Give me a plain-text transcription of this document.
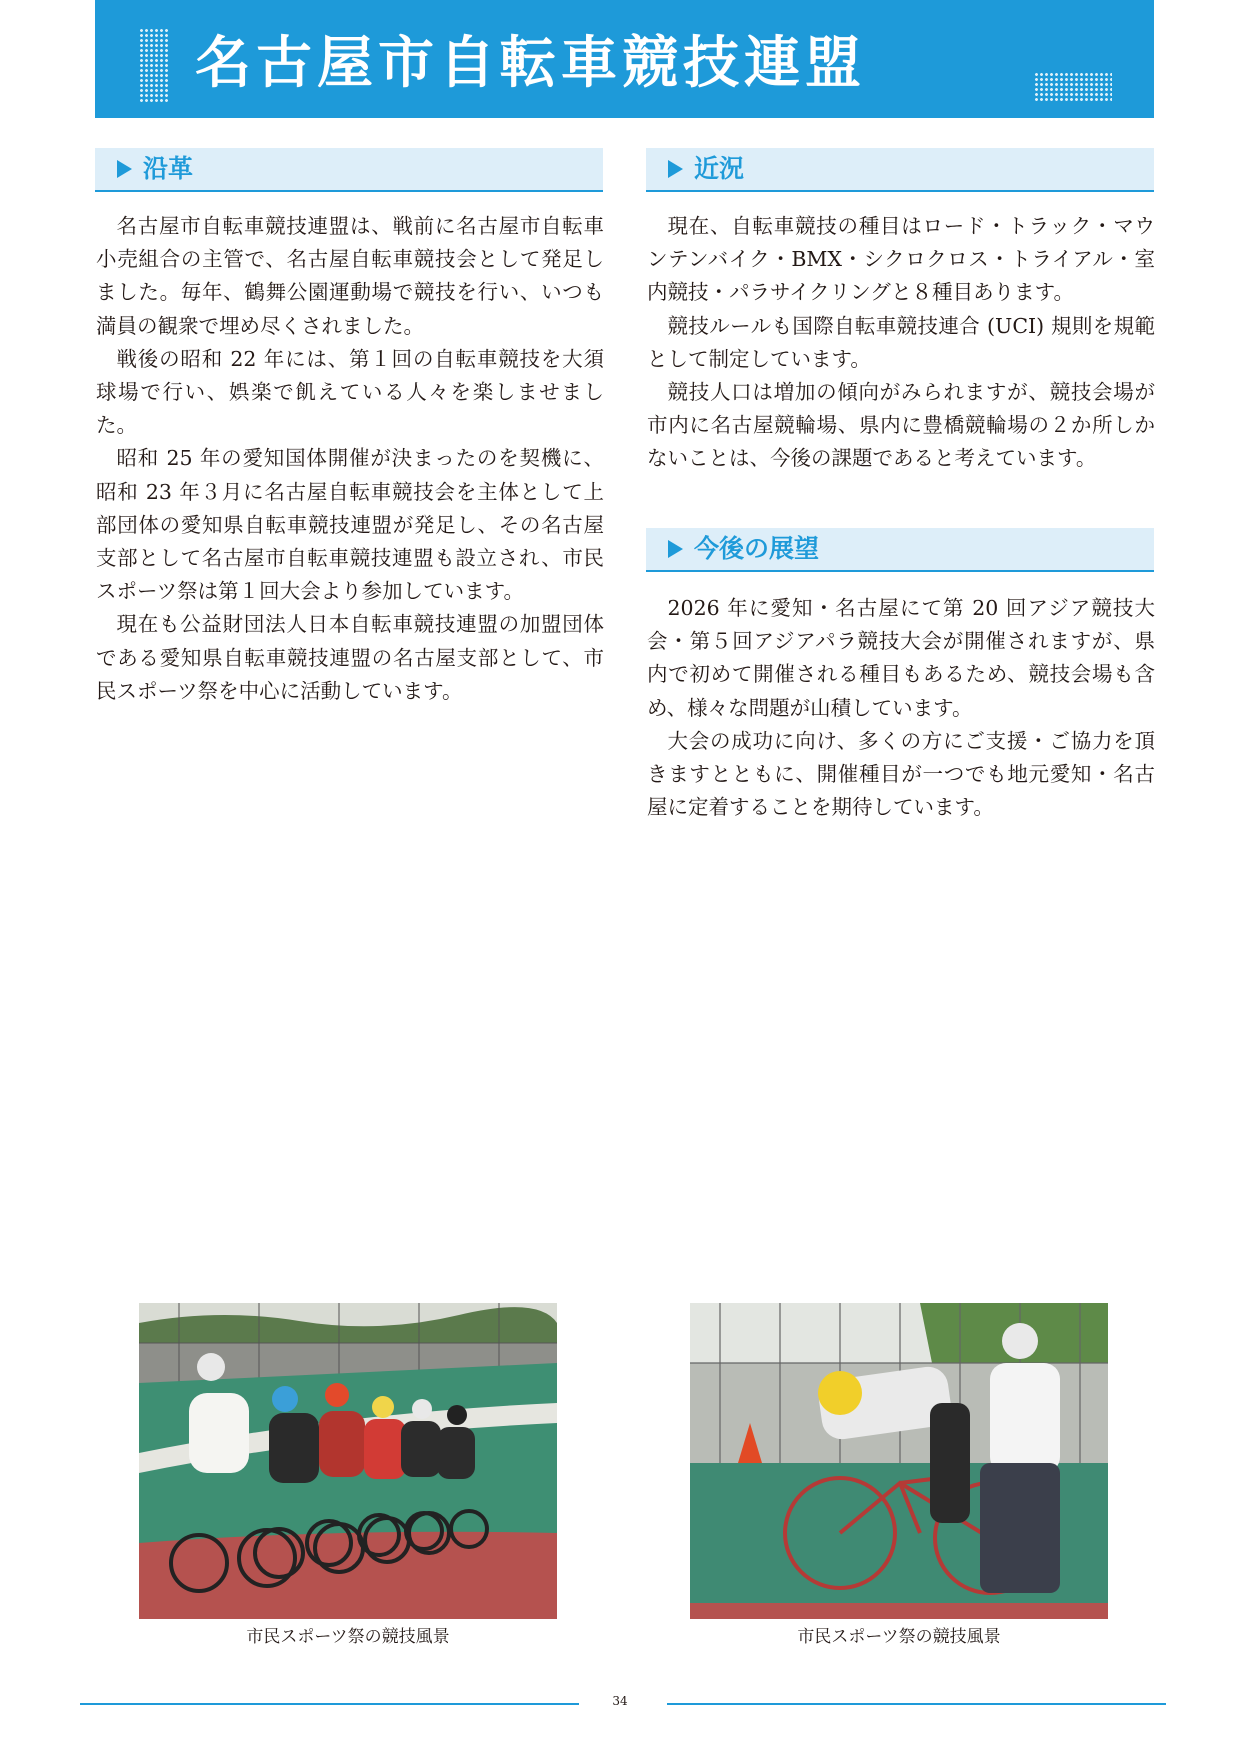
名古屋市自転車競技連盟
沿革

名古屋市自転車競技連盟は、戦前に名古屋市自転車小売組合の主管で、名古屋自転車競技会として発足しました。毎年、鶴舞公園運動場で競技を行い、いつも満員の観衆で埋め尽くされました。

戦後の昭和 22 年には、第１回の自転車競技を大須球場で行い、娯楽で飢えている人々を楽しませました。

昭和 25 年の愛知国体開催が決まったのを契機に、昭和 23 年３月に名古屋自転車競技会を主体として上部団体の愛知県自転車競技連盟が発足し、その名古屋支部として名古屋市自転車競技連盟も設立され、市民スポーツ祭は第１回大会より参加しています。

現在も公益財団法人日本自転車競技連盟の加盟団体である愛知県自転車競技連盟の名古屋支部として、市民スポーツ祭を中心に活動しています。

近況

現在、自転車競技の種目はロード・トラック・マウンテンバイク・BMX・シクロクロス・トライアル・室内競技・パラサイクリングと８種目あります。

競技ルールも国際自転車競技連合 (UCI) 規則を規範として制定しています。

競技人口は増加の傾向がみられますが、競技会場が市内に名古屋競輪場、県内に豊橋競輪場の２か所しかないことは、今後の課題であると考えています。

今後の展望

2026 年に愛知・名古屋にて第 20 回アジア競技大会・第５回アジアパラ競技大会が開催されますが、県内で初めて開催される種目もあるため、競技会場も含め、様々な問題が山積しています。

大会の成功に向け、多くの方にご支援・ご協力を頂きますとともに、開催種目が一つでも地元愛知・名古屋に定着することを期待しています。

市民スポーツ祭の競技風景	市民スポーツ祭の競技風景
34
